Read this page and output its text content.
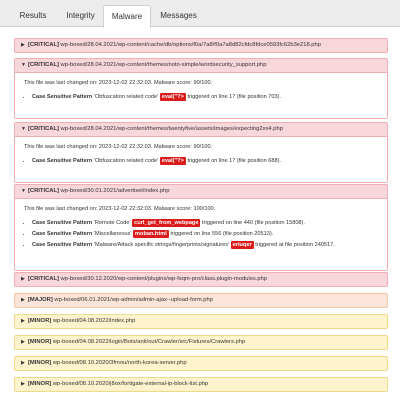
Results	Integrity	Malware	Messages
▶ [CRITICAL] wp-boxed/28.04.2021/wp-content/cache/db/options/f0a/7a8/f0a7a8d82cfdc8fdce0593fc62b3e218.php
▼ [CRITICAL] wp-boxed/28.04.2021/wp-content/themes/noto-simple/wordsecurity_support.php
This file was last changed on: 2023-12-02 22:32:03. Malware score: 90/100.
• Case Sensitive Pattern 'Obfuscation related code' eval("?> triggered on line 17 (file position 703).
▼ [CRITICAL] wp-boxed/28.04.2021/wp-content/themes/twentyfive/assets/images/expecting2xx4.php
This file was last changed on: 2023-12-02 22:32:03. Malware score: 90/100.
• Case Sensitive Pattern 'Obfuscation related code' eval("?> triggered on line 17 (file position 688).
▼ [CRITICAL] wp-boxed/30.01.2021/advertisel/index.php
This file was last changed on: 2023-12-02 22:32:03. Malware score: 100/100.
• Case Sensitive Pattern 'Remote Code' curl_get_from_webpage triggered on line 440 (file position 15808).
• Case Sensitive Pattern 'Miscellaneous' moban.html triggered on line 556 (file position 20513).
• Case Sensitive Pattern 'Malware/Attack specific strings/fingerprints/signatures' eriuqer triggered at file position 240517.
▶ [CRITICAL] wp-boxed/30.12.2020/wp-content/plugins/wp-fsqm-pro/class.plugin-modules.php
▶ [MAJOR] wp-boxed/06.01.2021/wp-admin/admin-ajax--upload-form.php
▶ [MINOR] wp-boxed/04.08.2022/index.php
▶ [MINOR] wp-boxed/04.08.2022/login/Bots/anti/out/Crawler/src/Fixtures/Crawlers.php
▶ [MINOR] wp-boxed/08.10.2020/3fmou/north-korea-server.php
▶ [MINOR] wp-boxed/08.10.2020/j8ox/fortigate-external-ip-block-list.php
